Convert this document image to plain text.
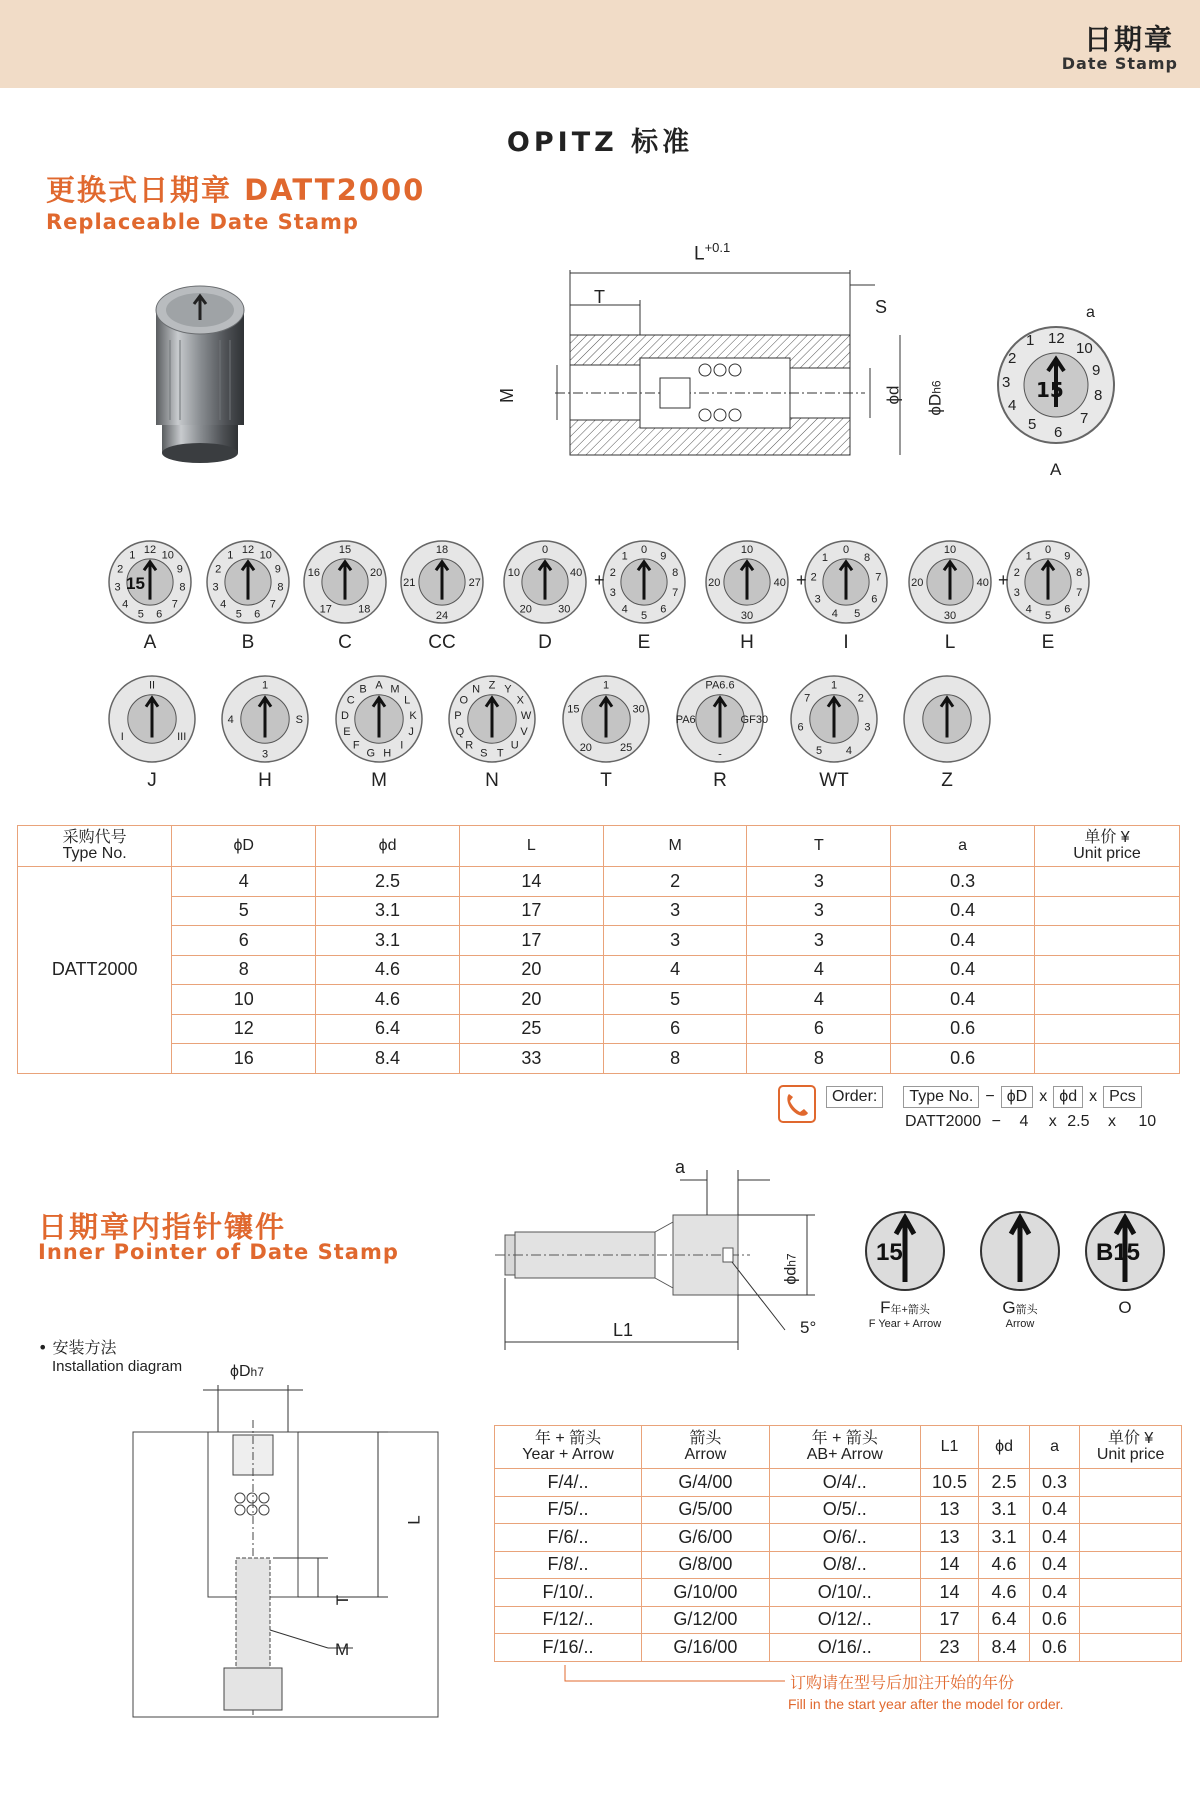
日期章
Date Stamp
OPITZ 标准
更换式日期章 DATT2000
Replaceable Date Stamp
$L^{+0.1}$
T	S
M	ϕd ϕDh6	15
12
10
9
8
7
6
5
4
3
2
1
a
A
15
12 10
9
8
7
6
5
4
3
2
1
A
12 10
9
8
7
6
5
4
3
2
1
B
15
20
18
17
16
C
18
27
24
21
CC
0
40
30
20
10
D
0
9
8
7
6
5
4
3
2
1
E
10
40
30
20
H
0
8
7
6
5
4
3
2
1
I
10
40
30
20
L
0
9
8
7
6
5
4
3
2
1
E
+	+	+
II
III
I
J
1
S
3
4
H
A M
L
K
J
I
H
G
F
E
D
C
B
M
Z Y
X
W
V
U
T
S
R
Q
P
O
N
N
1
30
25
20
15
T
PA6.6
GF30
-
PA6
R
1
2
3
4
5
6
7
WT	Z
采购代号
Type No.	ϕD	ϕd	L	M	T	a	单价 ¥
Unit price

DATT2000	4	2.5	14	2	3	0.3	
	5	3.1	17	3	3	0.4	
	6	3.1	17	3	3	0.4	
	8	4.6	20	4	4	0.4	
	10	4.6	20	5	4	0.4	
	12	6.4	25	6	6	0.6	
	16	8.4	33	8	8	0.6	
Order:	Type No. − ϕD x ϕd x Pcs
DATT2000 − 4 x 2.5 x 10
日期章内指针镶件
Inner Pointer of Date Stamp
a
L1
ϕdh7
5°
15
F年+箭头
F Year + Arrow
G箭头
Arrow
B15
O
• 安装方法
Installation diagram	ϕDh7
L
T
M
年 + 箭头
Year + Arrow	箭头
Arrow	年 + 箭头
AB+ Arrow	L1	ϕd	a	单价 ¥
Unit price

F/4/..	G/4/00	O/4/..	10.5	2.5	0.3	
F/5/..	G/5/00	O/5/..	13	3.1	0.4	
F/6/..	G/6/00	O/6/..	13	3.1	0.4	
F/8/..	G/8/00	O/8/..	14	4.6	0.4	
F/10/..	G/10/00	O/10/..	14	4.6	0.4	
F/12/..	G/12/00	O/12/..	17	6.4	0.6	
F/16/..	G/16/00	O/16/..	23	8.4	0.6	
订购请在型号后加注开始的年份
Fill in the start year after the model for order.
